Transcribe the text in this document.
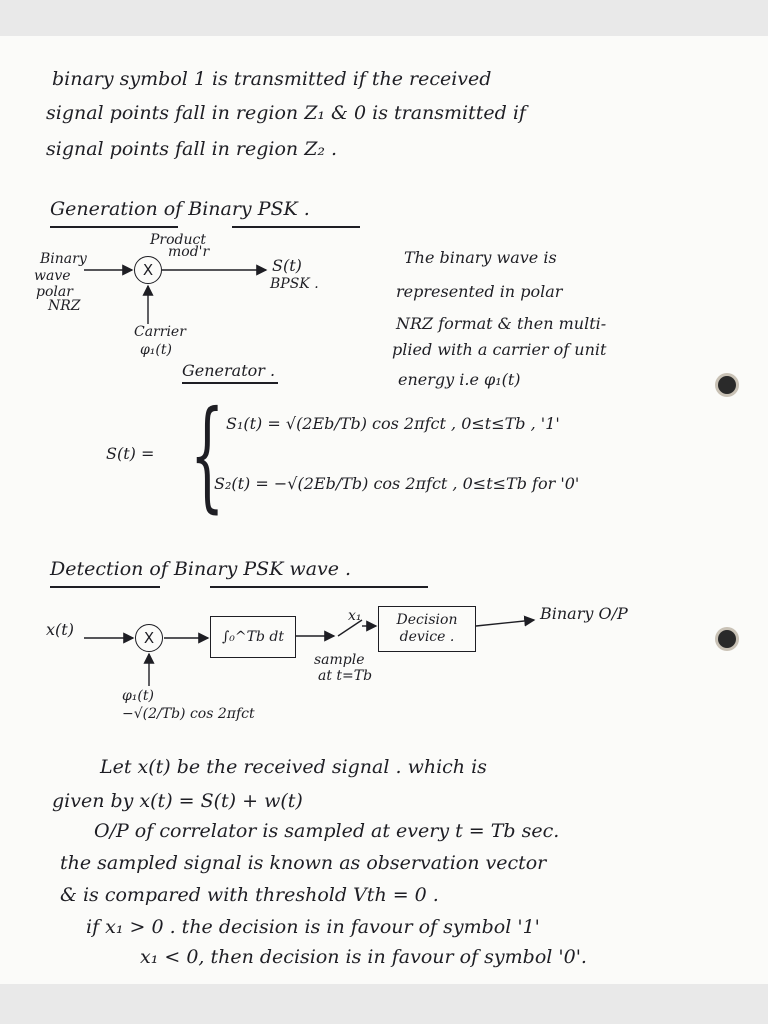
binary symbol 1 is transmitted if the received
signal points fall in region Z₁ & 0 is transmitted if
signal points fall in region Z₂ .
Generation of Binary PSK .
Binary
wave
polar
NRZ
Product
mod'r
X	S(t)
BPSK .
Carrier
φ₁(t)
Generator .
The binary wave is
represented in polar
NRZ format & then multi-
plied with a carrier of unit
energy i.e φ₁(t)
S(t) = { S₁(t) = √(2Eb/Tb) cos 2πfct , 0≤t≤Tb , '1'
S₂(t) = −√(2Eb/Tb) cos 2πfct , 0≤t≤Tb for '0'
Detection of Binary PSK wave .
x(t)	X	∫₀^Tb dt
x₁
sample
at t=Tb
Decision
device .
Binary O/P
φ₁(t)
−√(2/Tb) cos 2πfct
Let x(t) be the received signal . which is
given by x(t) = S(t) + w(t)
O/P of correlator is sampled at every t = Tb sec.
the sampled signal is known as observation vector
& is compared with threshold Vth = 0 .
if x₁ > 0 . the decision is in favour of symbol '1'
x₁ < 0, then decision is in favour of symbol '0'.
